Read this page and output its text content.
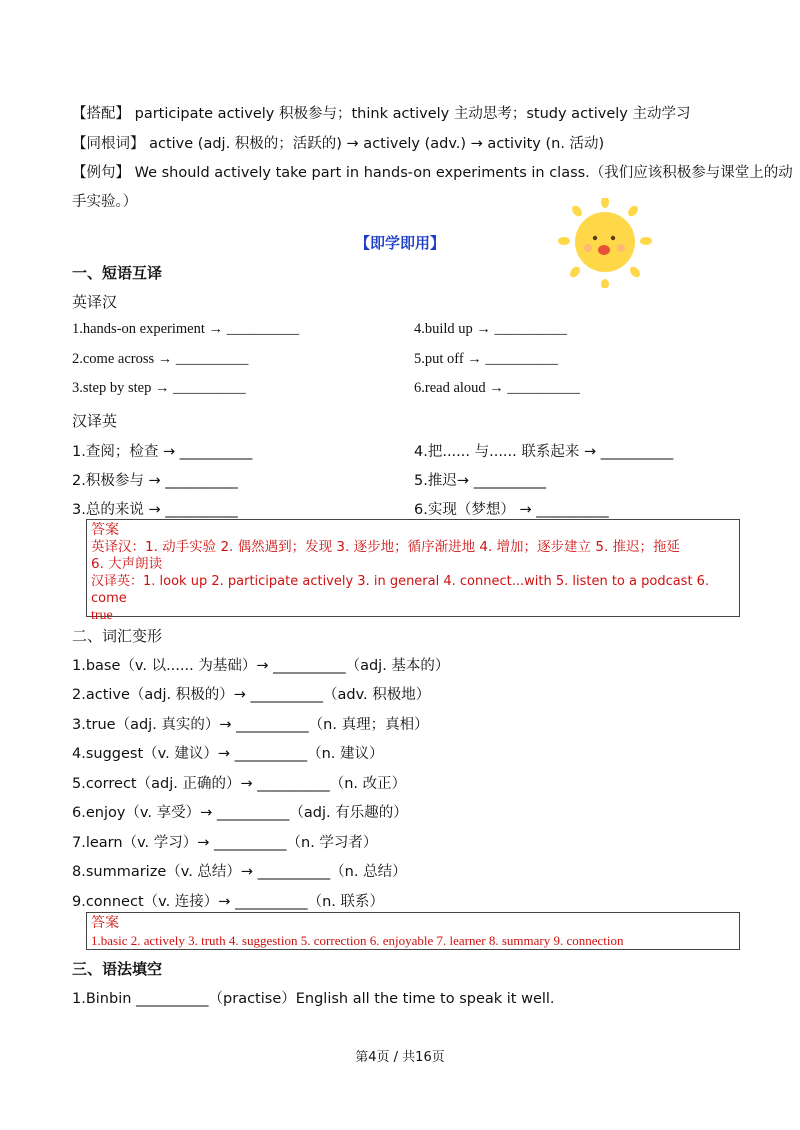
【搭配】 participate actively 积极参与；think actively 主动思考；study actively 主动学习
【同根词】 active (adj. 积极的；活跃的) → actively (adv.) → activity (n. 活动)
【例句】 We should actively take part in hands-on experiments in class.（我们应该积极参与课堂上的动
手实验。）
【即学即用】
一、短语互译
英译汉
1.hands-on experiment → __________
2.come across → __________
3.step by step → __________
4.build up → __________
5.put off → __________
6.read aloud → __________
汉译英
1.查阅；检查 → __________
2.积极参与 → __________
3.总的来说 → __________
4.把...... 与...... 联系起来 → __________
5.推迟→ __________
6.实现（梦想） → __________
答案
英译汉：1. 动手实验 2. 偶然遇到；发现 3. 逐步地；循序渐进地 4. 增加；逐步建立 5. 推迟；拖延
6. 大声朗读
汉译英：1. look up 2. participate actively 3. in general 4. connect...with 5. listen to a podcast 6. come
true
二、词汇变形
1.base（v. 以...... 为基础）→ __________（adj. 基本的）
2.active（adj. 积极的）→ __________（adv. 积极地）
3.true（adj. 真实的）→ __________（n. 真理；真相）
4.suggest（v. 建议）→ __________（n. 建议）
5.correct（adj. 正确的）→ __________（n. 改正）
6.enjoy（v. 享受）→ __________（adj. 有乐趣的）
7.learn（v. 学习）→ __________（n. 学习者）
8.summarize（v. 总结）→ __________（n. 总结）
9.connect（v. 连接）→ __________（n. 联系）
答案
1.basic 2. actively 3. truth 4. suggestion 5. correction 6. enjoyable 7. learner 8. summary 9. connection
三、语法填空
1.Binbin __________（practise）English all the time to speak it well.
第4页 / 共16页
